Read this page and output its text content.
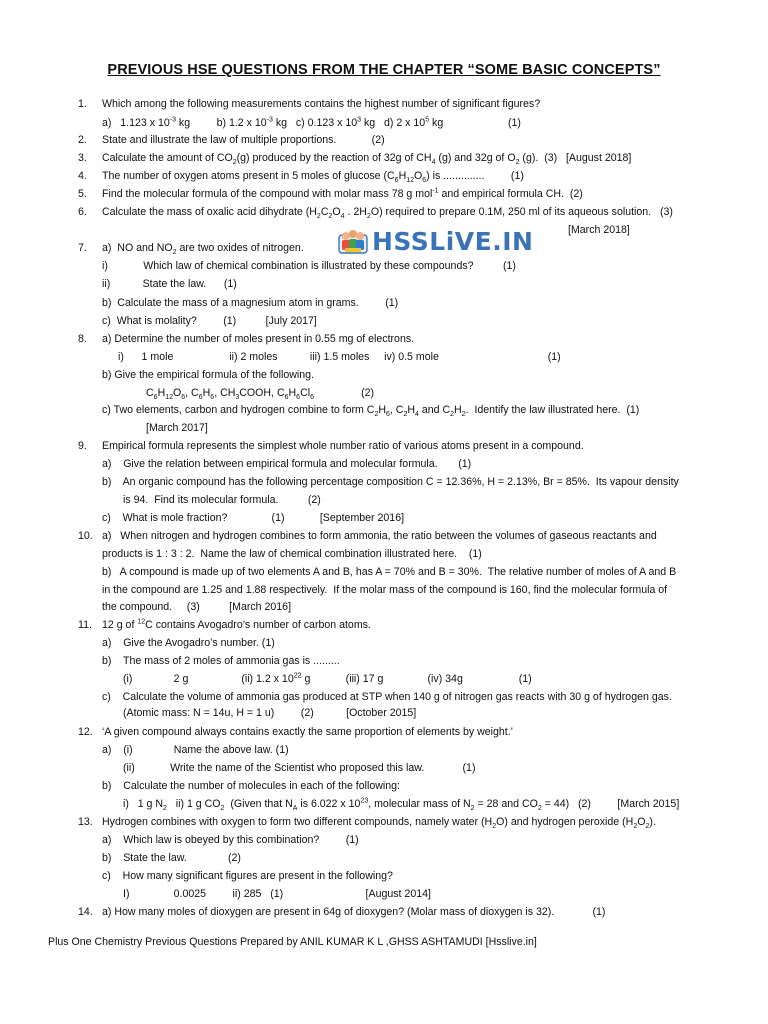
PREVIOUS HSE QUESTIONS FROM THE CHAPTER “SOME BASIC CONCEPTS”
1. Which among the following measurements contains the highest number of significant figures?
a)   1.123 x $10^{-3}$ kg         b) 1.2 x $10^{-3}$ kg   c) 0.123 x $10^3$ kg   d) 2 x $10^5$ kg                      (1)
2. State and illustrate the law of multiple proportions.            (2)
3. Calculate the amount of $CO_2(g)$ produced by the reaction of 32g of $CH_4$ (g) and 32g of $O_2$ (g).  (3)   [August 2018]
4. The number of oxygen atoms present in 5 moles of glucose $(C_6H_{12}O_6)$ is ..............         (1)
5. Find the molecular formula of the compound with molar mass 78 g mol$^{-1}$ and empirical formula CH.  (2)
6. Calculate the mass of oxalic acid dihydrate ($H_2C_2O_4$ . $2H_2O$) required to prepare 0.1M, 250 ml of its aqueous solution.   (3)
[March 2018]
7. a)  NO and $NO_2$ are two oxides of nitrogen.
i)            Which law of chemical combination is illustrated by these compounds?          (1)
ii)           State the law.      (1)
b)  Calculate the mass of a magnesium atom in grams.         (1)
c)  What is molality?         (1)          [July 2017]
8. a) Determine the number of moles present in 0.55 mg of electrons.
i)      1 mole                   ii) 2 moles           iii) 1.5 moles     iv) 0.5 mole                                     (1)
b) Give the empirical formula of the following.
$C_6H_{12}O_6$, $C_6H_6$, $CH_3COOH$, $C_6H_6Cl_6$                (2)
c) Two elements, carbon and hydrogen combine to form $C_2H_6$, $C_2H_4$ and $C_2H_2$.  Identify the law illustrated here.  (1)
[March 2017]
9. Empirical formula represents the simplest whole number ratio of various atoms present in a compound.
a)    Give the relation between empirical formula and molecular formula.       (1)
b)    An organic compound has the following percentage composition C = 12.36%, H = 2.13%, Br = 85%.  Its vapour density
is 94.  Find its molecular formula.          (2)
c)    What is mole fraction?               (1)            [September 2016]
10. a)   When nitrogen and hydrogen combines to form ammonia, the ratio between the volumes of gaseous reactants and
products is 1 : 3 : 2.  Name the law of chemical combination illustrated here.    (1)
b)   A compound is made up of two elements A and B, has A = 70% and B = 30%.  The relative number of moles of A and B
in the compound are 1.25 and 1.88 respectively.  If the molar mass of the compound is 160, find the molecular formula of
the compound.     (3)          [March 2016]
11. 12 g of $^{12}$C contains Avogadro’s number of carbon atoms.
a)    Give the Avogadro’s number. (1)
b)    The mass of 2 moles of ammonia gas is .........
(i)              2 g                  (ii) 1.2 x $10^{22}$ g            (iii) 17 g               (iv) 34g                   (1)
c)    Calculate the volume of ammonia gas produced at STP when 140 g of nitrogen gas reacts with 30 g of hydrogen gas.
(Atomic mass: N = 14u, H = 1 u)         (2)           [October 2015]
12. ‘A given compound always contains exactly the same proportion of elements by weight.’
a)    (i)              Name the above law. (1)
(ii)            Write the name of the Scientist who proposed this law.             (1)
b)    Calculate the number of molecules in each of the following:
i)   1 g $N_2$   ii) 1 g $CO_2$  (Given that $N_A$ is 6.022 x $10^{23}$, molecular mass of $N_2 = 28$ and $CO_2 = 44$)   (2)         [March 2015]
13. Hydrogen combines with oxygen to form two different compounds, namely water $(H_2O)$ and hydrogen peroxide $(H_2O_2)$.
a)    Which law is obeyed by this combination?         (1)
b)    State the law.              (2)
c)    How many significant figures are present in the following?
I)               0.0025         ii) 285   (1)                            [August 2014]
14. a) How many moles of dioxygen are present in 64g of dioxygen? (Molar mass of dioxygen is 32).             (1)
HSSLiVE.IN
Plus One Chemistry Previous Questions Prepared by ANIL KUMAR K L ,GHSS ASHTAMUDI [Hsslive.in]
